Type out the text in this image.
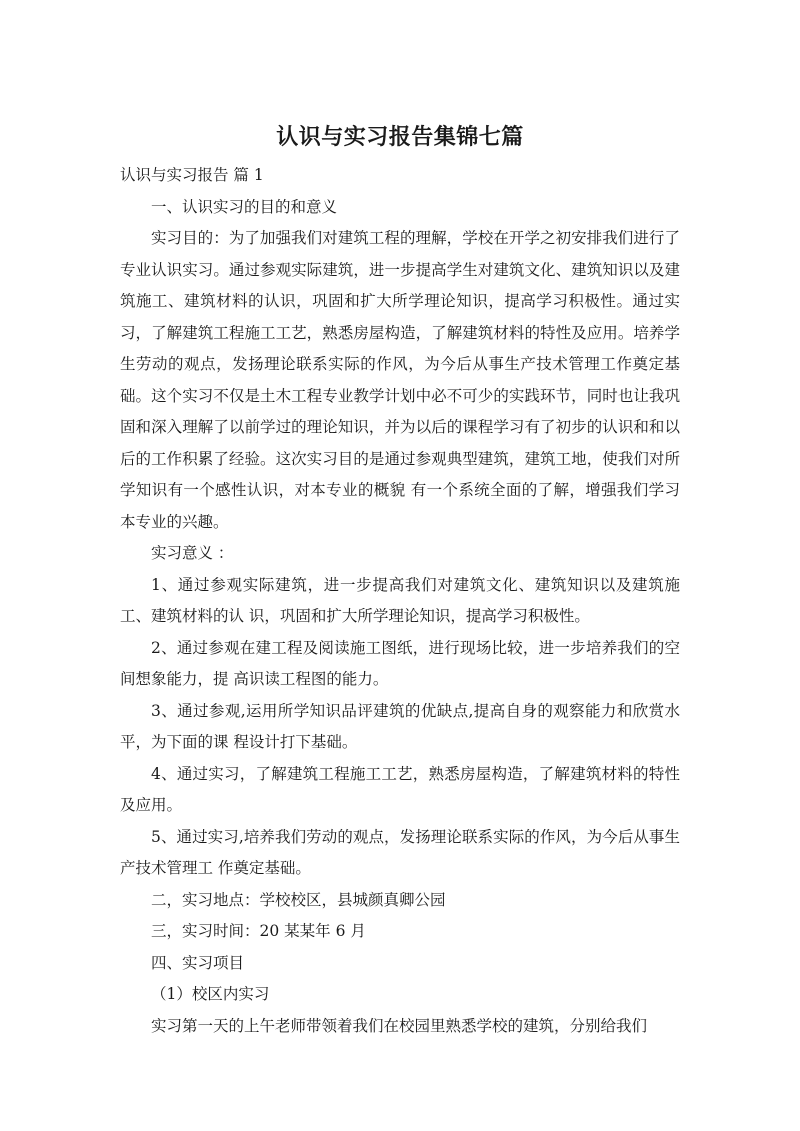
认识与实习报告集锦七篇

认识与实习报告 篇 1

一、认识实习的目的和意义

实习目的：为了加强我们对建筑工程的理解，学校在开学之初安排我们进行了专业认识实习。通过参观实际建筑，进一步提高学生对建筑文化、建筑知识以及建筑施工、建筑材料的认识，巩固和扩大所学理论知识，提高学习积极性。通过实习，了解建筑工程施工工艺，熟悉房屋构造，了解建筑材料的特性及应用。培养学生劳动的观点，发扬理论联系实际的作风，为今后从事生产技术管理工作奠定基础。这个实习不仅是土木工程专业教学计划中必不可少的实践环节，同时也让我巩固和深入理解了以前学过的理论知识，并为以后的课程学习有了初步的认识和和以后的工作积累了经验。这次实习目的是通过参观典型建筑，建筑工地，使我们对所学知识有一个感性认识，对本专业的概貌 有一个系统全面的了解，增强我们学习本专业的兴趣。

实习意义 ：

1、通过参观实际建筑，进一步提高我们对建筑文化、建筑知识以及建筑施工、建筑材料的认 识，巩固和扩大所学理论知识，提高学习积极性。

2、通过参观在建工程及阅读施工图纸，进行现场比较，进一步培养我们的空间想象能力，提 高识读工程图的能力。

3、通过参观,运用所学知识品评建筑的优缺点,提高自身的观察能力和欣赏水平，为下面的课 程设计打下基础。

4、通过实习，了解建筑工程施工工艺，熟悉房屋构造，了解建筑材料的特性及应用。

5、通过实习,培养我们劳动的观点，发扬理论联系实际的作风，为今后从事生产技术管理工 作奠定基础。

二，实习地点：学校校区，县城颜真卿公园

三，实习时间：20 某某年 6 月

四、实习项目

（1）校区内实习

实习第一天的上午老师带领着我们在校园里熟悉学校的建筑，分别给我们
